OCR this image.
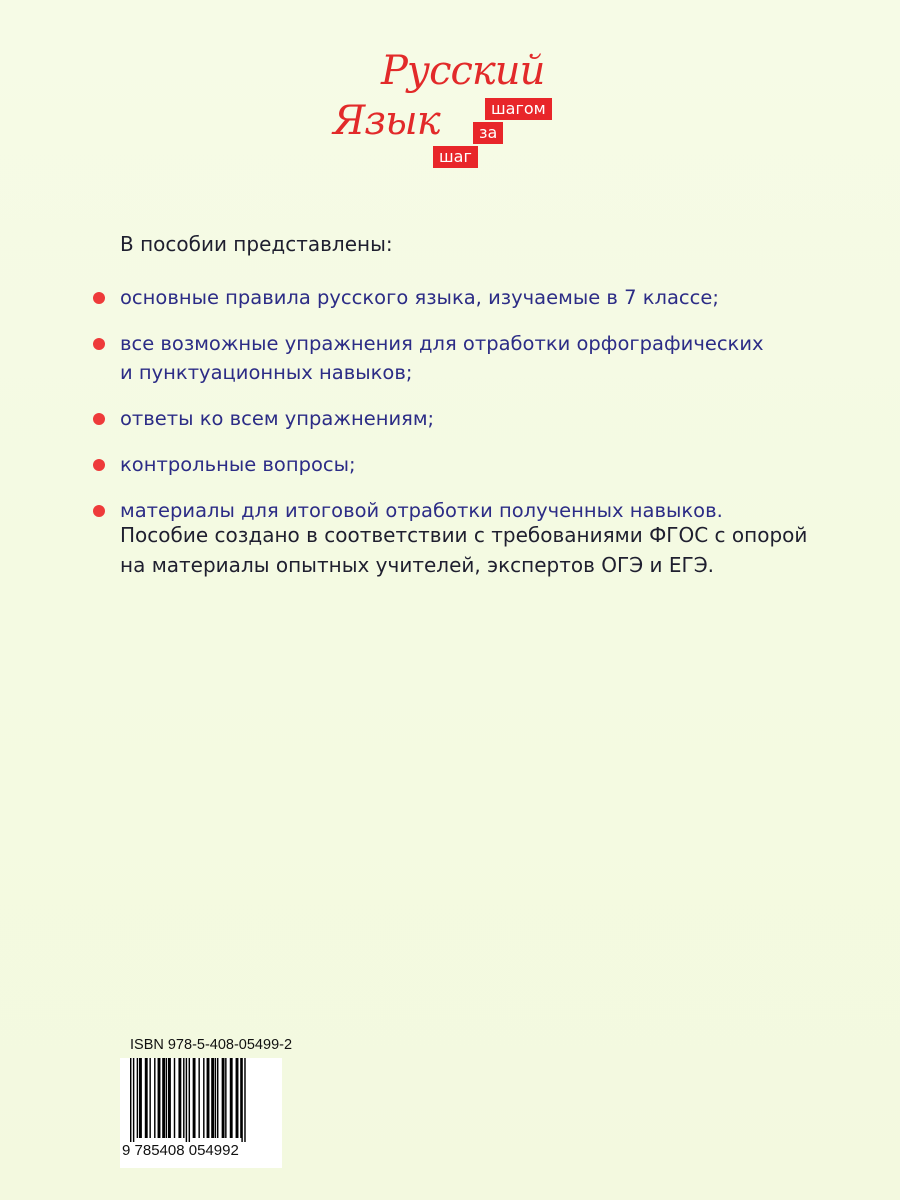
Русский
Язык	шагом
за
шаг
В пособии представлены:
основные правила русского языка, изучаемые в 7 классе;
все возможные упражнения для отработки орфографических
и пунктуационных навыков;
ответы ко всем упражнениям;
контрольные вопросы;
материалы для итоговой отработки полученных навыков.
Пособие создано в соответствии с требованиями ФГОС с опорой
на материалы опытных учителей, экспертов ОГЭ и ЕГЭ.
ISBN 978-5-408-05499-2
9 785408 054992
